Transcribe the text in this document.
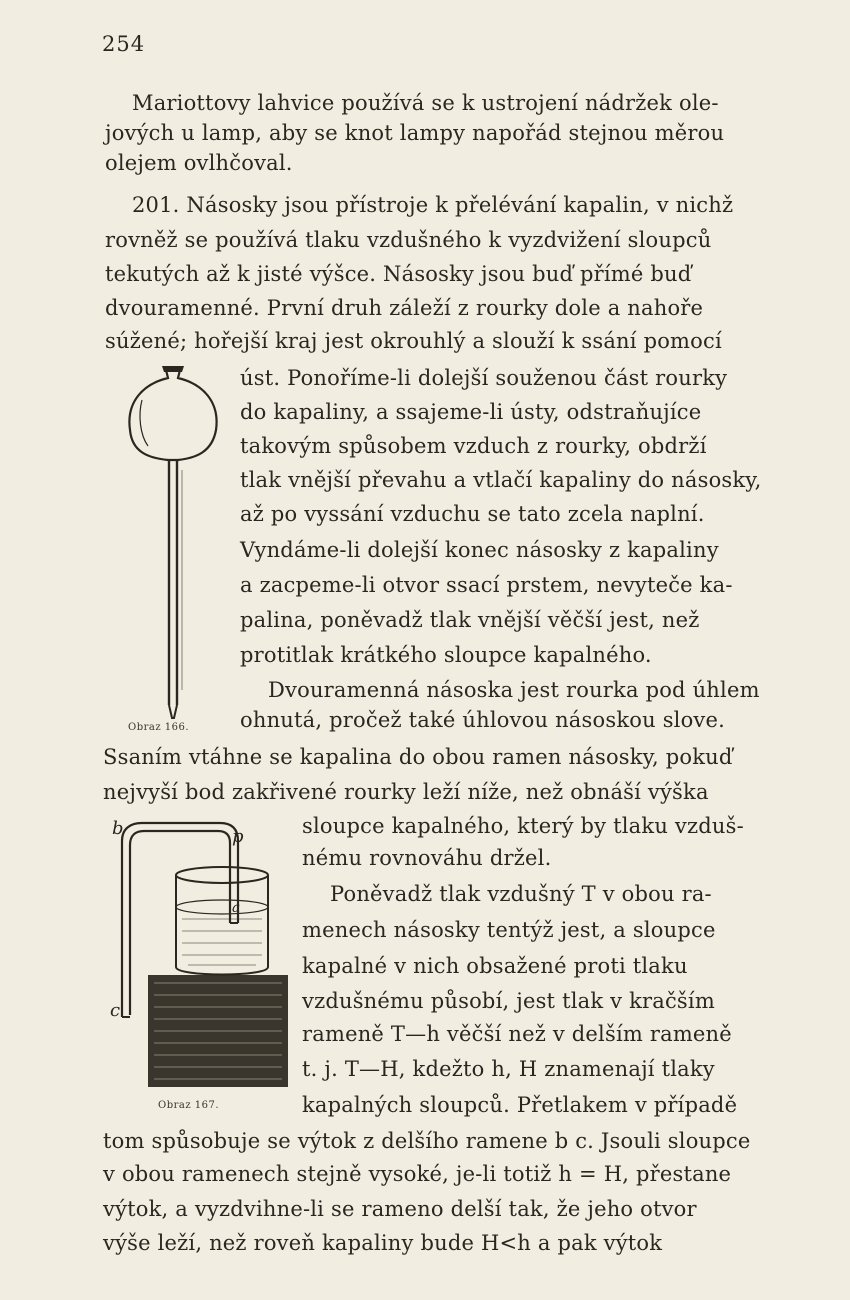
254
Mariottovy lahvice používá se k ustrojení nádržek ole-
jových u lamp, aby se knot lampy napořád stejnou měrou
olejem ovlhčoval.
201. Násosky jsou přístroje k přelévání kapalin, v nichž
rovněž se používá tlaku vzdušného k vyzdvižení sloupců
tekutých až k jisté výšce. Násosky jsou buď přímé buď
dvouramenné. První druh záleží z rourky dole a nahoře
súžené; hořejší kraj jest okrouhlý a slouží k ssání pomocí
úst. Ponoříme-li dolejší souženou část rourky
do kapaliny, a ssajeme-li ústy, odstraňujíce
takovým spůsobem vzduch z rourky, obdrží
tlak vnější převahu a vtlačí kapaliny do násosky,
až po vyssání vzduchu se tato zcela naplní.
Vyndáme-li dolejší konec násosky z kapaliny
a zacpeme-li otvor ssací prstem, nevyteče ka-
palina, poněvadž tlak vnější věčší jest, než
protitlak krátkého sloupce kapalného.
Dvouramenná násoska jest rourka pod úhlem
ohnutá, pročež také úhlovou násoskou slove.
Ssaním vtáhne se kapalina do obou ramen násosky, pokuď
nejvyší bod zakřivené rourky leží níže, než obnáší výška
sloupce kapalného, který by tlaku vzduš-
nému rovnováhu držel.
Poněvadž tlak vzdušný T v obou ra-
menech násosky tentýž jest, a sloupce
kapalné v nich obsažené proti tlaku
vzdušnému působí, jest tlak v kračším
rameně T—h věčší než v delším rameně
t. j. T—H, kdežto h, H znamenají tlaky
kapalných sloupců. Přetlakem v případě
tom spůsobuje se výtok z delšího ramene b c. Jsouli sloupce
v obou ramenech stejně vysoké, je-li totiž h = H, přestane
výtok, a vyzdvihne-li se rameno delší tak, že jeho otvor
výše leží, než roveň kapaliny bude H<h a pak výtok
Obraz 166.
b	p
a
c
Obraz 167.
